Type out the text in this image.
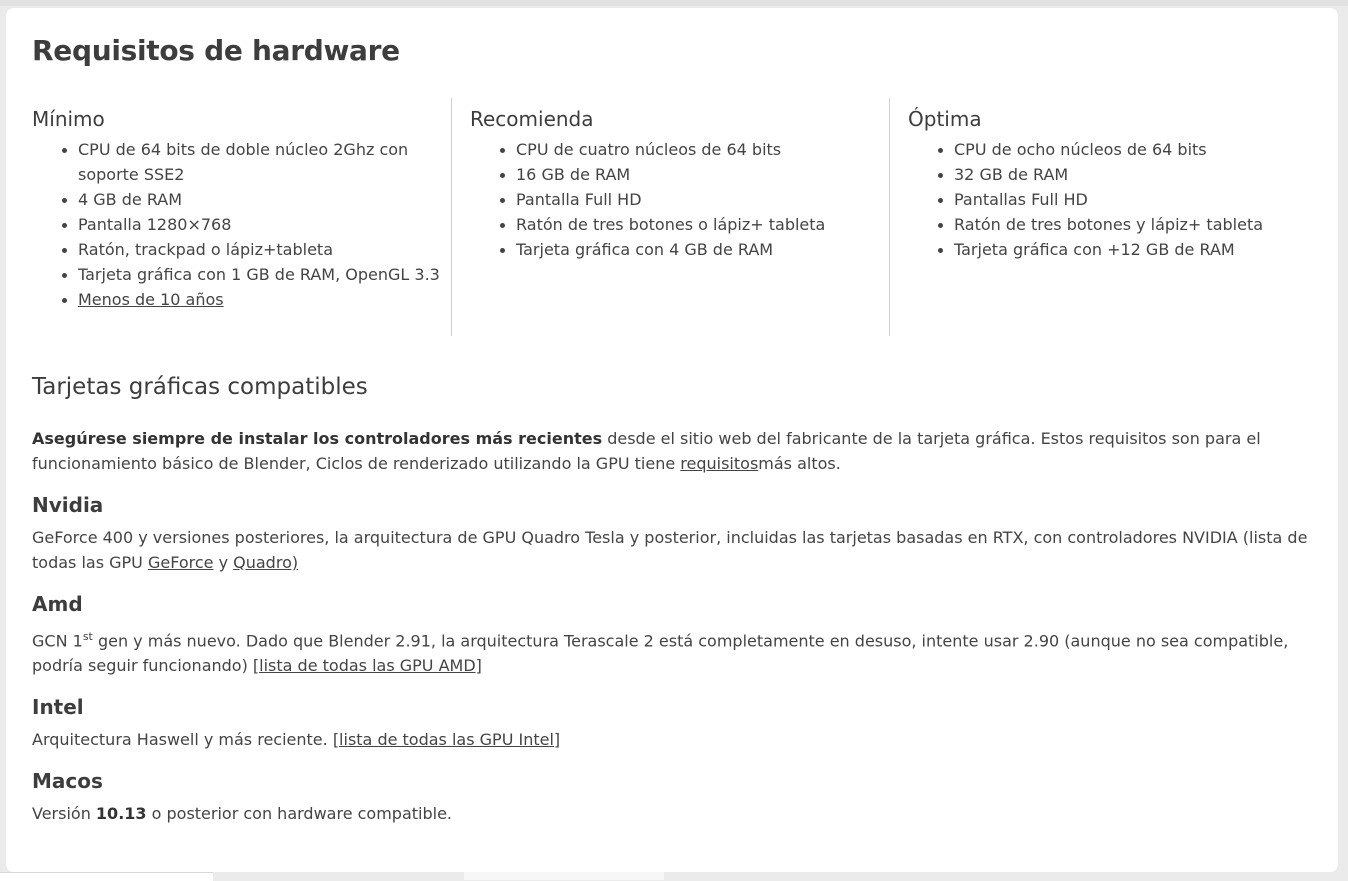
Requisitos de hardware
Mínimo
• CPU de 64 bits de doble núcleo 2Ghz con soporte SSE2
• 4 GB de RAM
• Pantalla 1280×768
• Ratón, trackpad o lápiz+tableta
• Tarjeta gráfica con 1 GB de RAM, OpenGL 3.3
• Menos de 10 años
Recomienda
• CPU de cuatro núcleos de 64 bits
• 16 GB de RAM
• Pantalla Full HD
• Ratón de tres botones o lápiz+ tableta
• Tarjeta gráfica con 4 GB de RAM
Óptima
• CPU de ocho núcleos de 64 bits
• 32 GB de RAM
• Pantallas Full HD
• Ratón de tres botones y lápiz+ tableta
• Tarjeta gráfica con +12 GB de RAM
Tarjetas gráficas compatibles

Asegúrese siempre de instalar los controladores más recientes desde el sitio web del fabricante de la tarjeta gráfica. Estos requisitos son para el funcionamiento básico de Blender, Ciclos de renderizado utilizando la GPU tiene requisitosmás altos.

Nvidia

GeForce 400 y versiones posteriores, la arquitectura de GPU Quadro Tesla y posterior, incluidas las tarjetas basadas en RTX, con controladores NVIDIA (lista de todas las GPU GeForce y Quadro)

Amd

GCN 1st gen y más nuevo. Dado que Blender 2.91, la arquitectura Terascale 2 está completamente en desuso, intente usar 2.90 (aunque no sea compatible, podría seguir funcionando) [lista de todas las GPU AMD]

Intel

Arquitectura Haswell y más reciente. [lista de todas las GPU Intel]

Macos

Versión 10.13 o posterior con hardware compatible.
